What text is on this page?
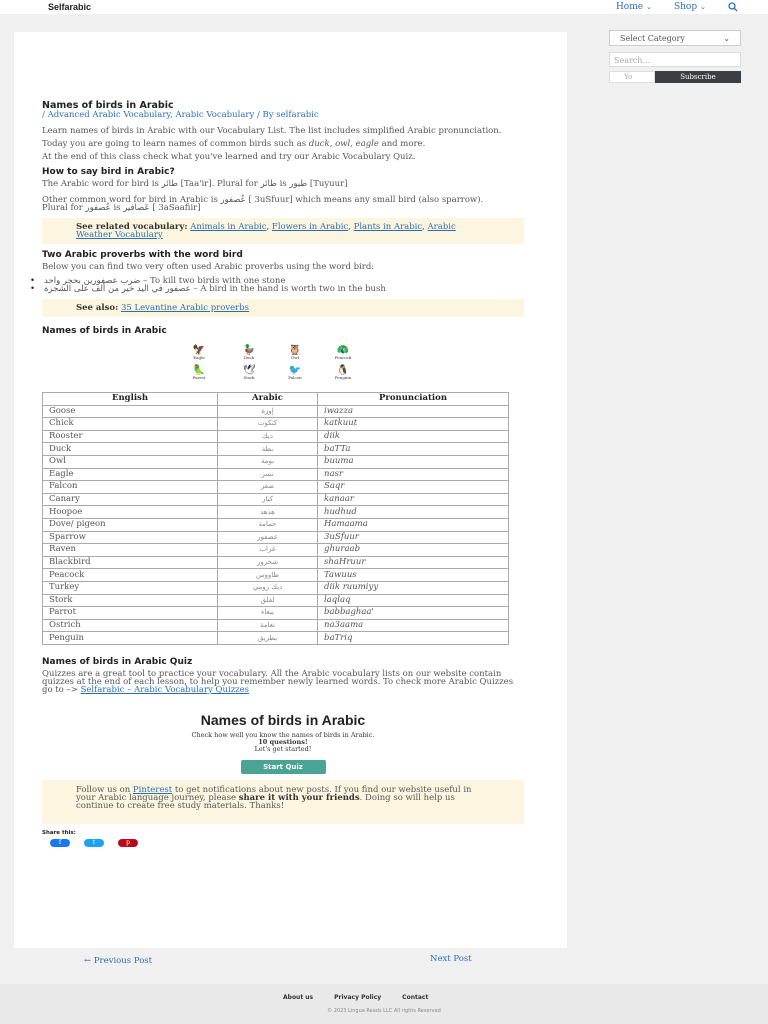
Selfarabic	Home ⌄ Shop ⌄
Select Category	⌄
Search...
Yo	Subscribe
Names of birds in Arabic
/ Advanced Arabic Vocabulary, Arabic Vocabulary / By selfarabic

Learn names of birds in Arabic with our Vocabulary List. The list includes simplified Arabic pronunciation.

Today you are going to learn names of common birds such as duck, owl, eagle and more.

At the end of this class check what you've learned and try our Arabic Vocabulary Quiz.

How to say bird in Arabic?

The Arabic word for bird is طائر [Taa'ir]. Plural for طائر is طيور [Tuyuur]

Other common word for bird in Arabic is عُصفور [ 3uSfuur] which means any small bird (also sparrow).
Plural for عُصفور is عَصافير [ 3aSaafiir]

See related vocabulary: Animals in Arabic, Flowers in Arabic, Plants in Arabic, Arabic Weather Vocabulary
Two Arabic proverbs with the word bird

Below you can find two very often used Arabic proverbs using the word bird:

• ضرب عصفورين بحجر واحد – To kill two birds with one stone
• عصفور في اليد خير من ألف على الشجرة – A bird in the hand is worth two in the bush
See also: 35 Levantine Arabic proverbs
Names of birds in Arabic
🦅
Eagle
🦆
Duck
🦉
Owl
🦚
Peacock
🦜
Parrot
🕊
Stork
🐦
Falcon
🐧
Penguin
English	Arabic	Pronunciation
Goose	إوزة	iwazza
Chick	كتكوت	katkuut
Rooster	ديك	diik
Duck	بطة	baTTa
Owl	بومة	buuma
Eagle	نسر	nasr
Falcon	صقر	Saqr
Canary	كنار	kanaar
Hoopoe	هدهد	hudhud
Dove/ pigeon	حمامة	Hamaama
Sparrow	عصفور	3uSfuur
Raven	غراب	ghuraab
Blackbird	شحرور	shaHruur
Peacock	طاووس	Tawuus
Turkey	ديك رومي	diik ruumiyy
Stork	لقلق	laqlaq
Parrot	ببغاء	babbaghaa'
Ostrich	نعامة	na3aama
Penguin	بطريق	baTriq
Names of birds in Arabic Quiz

Quizzes are a great tool to practice your vocabulary. All the Arabic vocabulary lists on our website contain quizzes at the end of each lesson, to help you remember newly learned words. To check more Arabic Quizzes go to –> Selfarabic – Arabic Vocabulary Quizzes

Names of birds in Arabic
Check how well you know the names of birds in Arabic.
10 questions!
Let's get started!
Start Quiz
Follow us on Pinterest to get notifications about new posts. If you find our website useful in your Arabic language journey, please share it with your friends. Doing so will help us continue to create free study materials. Thanks!
Share this:
f	t	p
← Previous Post	Next Post
About us	Privacy Policy	Contact
© 2023 Lingua Reads LLC All rights Reserved
